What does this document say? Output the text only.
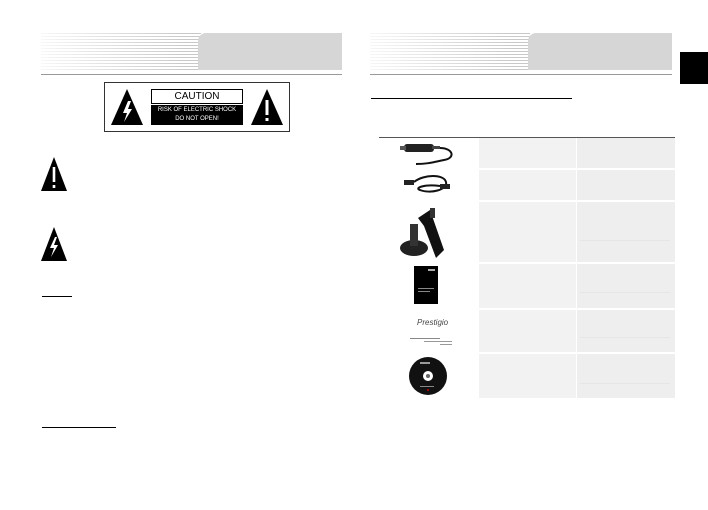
CAUTION
RISK OF ELECTRIC SHOCK
DO NOT OPEN!
Prestigio
